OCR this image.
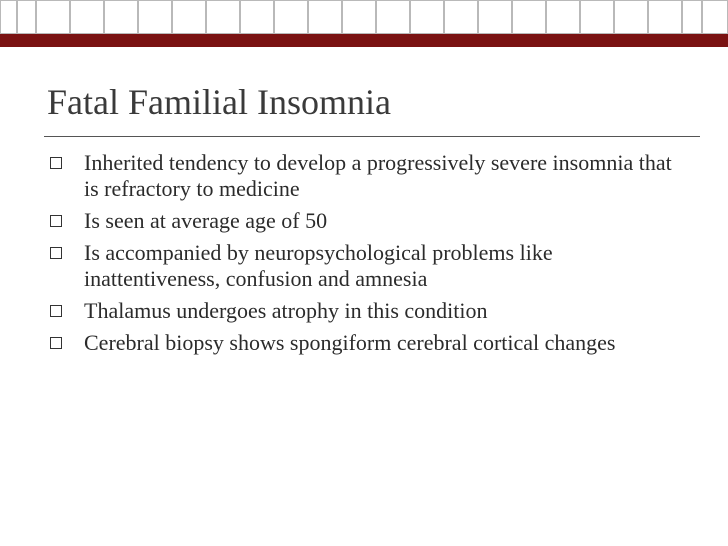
Fatal Familial Insomnia
Inherited tendency to develop a progressively severe insomnia that is refractory to medicine
Is seen at average age of 50
Is accompanied by neuropsychological problems like inattentiveness, confusion and amnesia
Thalamus undergoes atrophy in this condition
Cerebral biopsy shows spongiform cerebral cortical changes
